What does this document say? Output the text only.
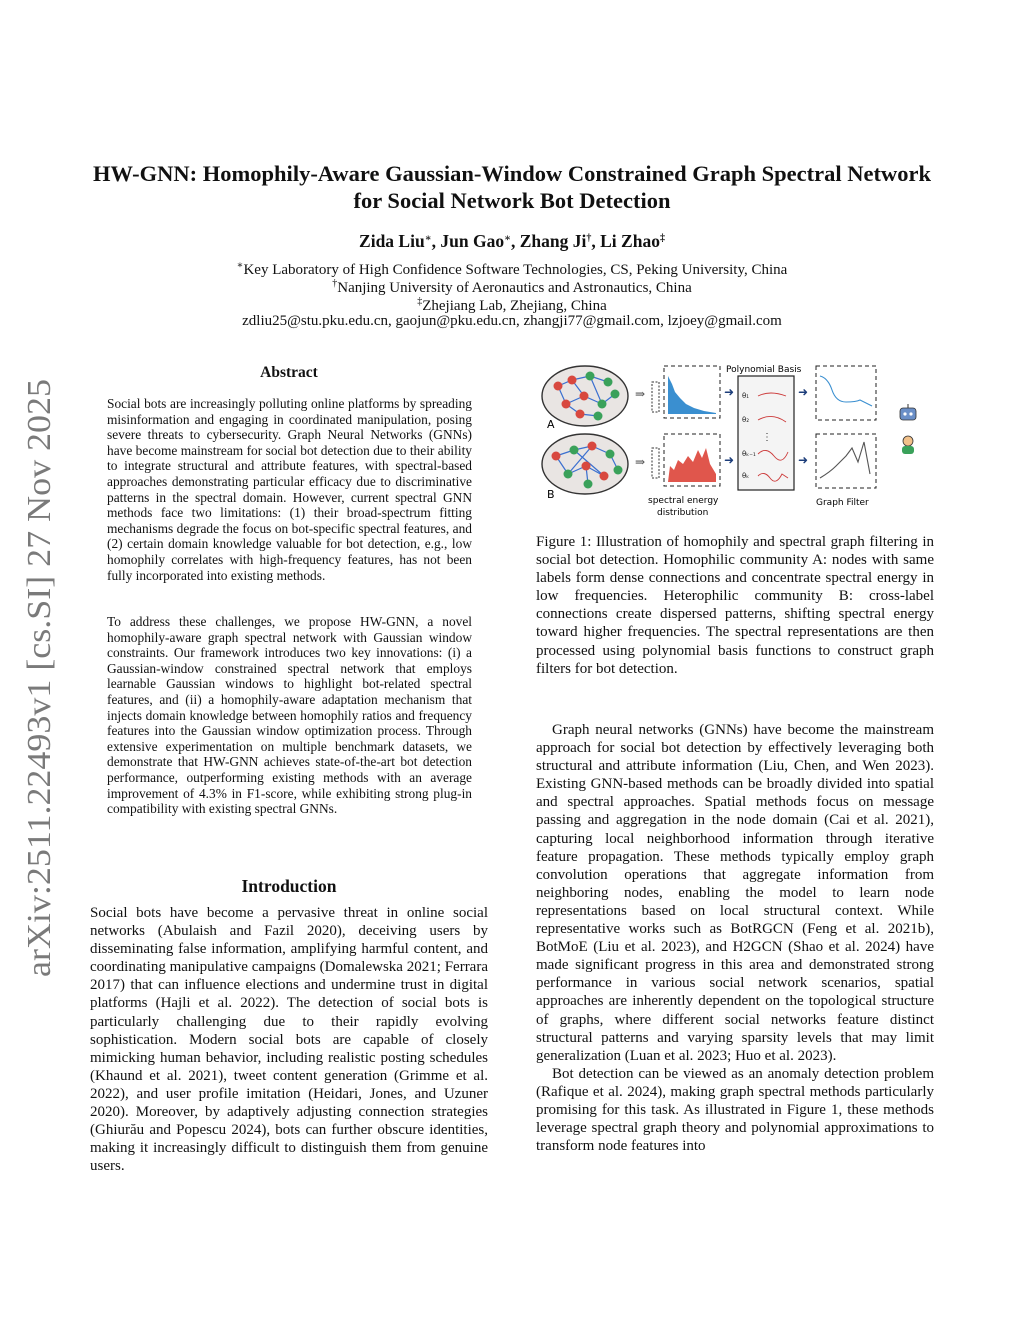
arXiv:2511.22493v1 [cs.SI] 27 Nov 2025
HW-GNN: Homophily-Aware Gaussian-Window Constrained Graph Spectral Network for Social Network Bot Detection
Zida Liu∗, Jun Gao∗, Zhang Ji†, Li Zhao‡
∗Key Laboratory of High Confidence Software Technologies, CS, Peking University, China
†Nanjing University of Aeronautics and Astronautics, China
‡Zhejiang Lab, Zhejiang, China
zdliu25@stu.pku.edu.cn, gaojun@pku.edu.cn, zhangji77@gmail.com, lzjoey@gmail.com
Abstract

Social bots are increasingly polluting online platforms by spreading misinformation and engaging in coordinated manipulation, posing severe threats to cybersecurity. Graph Neural Networks (GNNs) have become mainstream for social bot detection due to their ability to integrate structural and attribute features, with spectral-based approaches demonstrating particular efficacy due to discriminative patterns in the spectral domain. However, current spectral GNN methods face two limitations: (1) their broad-spectrum fitting mechanisms degrade the focus on bot-specific spectral features, and (2) certain domain knowledge valuable for bot detection, e.g., low homophily correlates with high-frequency features, has not been fully incorporated into existing methods.

To address these challenges, we propose HW-GNN, a novel homophily-aware graph spectral network with Gaussian window constraints. Our framework introduces two key innovations: (i) a Gaussian-window constrained spectral network that employs learnable Gaussian windows to highlight bot-related spectral features, and (ii) a homophily-aware adaptation mechanism that injects domain knowledge between homophily ratios and frequency features into the Gaussian window optimization process. Through extensive experimentation on multiple benchmark datasets, we demonstrate that HW-GNN achieves state-of-the-art bot detection performance, outperforming existing methods with an average improvement of 4.3% in F1-score, while exhibiting strong plug-in compatibility with existing spectral GNNs.

Introduction

Social bots have become a pervasive threat in online social networks (Abulaish and Fazil 2020), deceiving users by disseminating false information, amplifying harmful content, and coordinating manipulative campaigns (Domalewska 2021; Ferrara 2017) that can influence elections and undermine trust in digital platforms (Hajli et al. 2022). The detection of social bots is particularly challenging due to their rapidly evolving sophistication. Modern social bots are capable of closely mimicking human behavior, including realistic posting schedules (Khaund et al. 2021), tweet content generation (Grimme et al. 2022), and user profile imitation (Heidari, Jones, and Uzuner 2020). Moreover, by adaptively adjusting connection strategies (Ghiurău and Popescu 2024), bots can further obscure identities, making it increasingly difficult to distinguish them from genuine users.

A
B
⇒
⇒
➜
➜
Polynomial Basis
θ₁
θ₂
θₖ₋₁
θₖ
⋮
➜
➜
Graph Filter
spectral energy
distribution

Figure 1: Illustration of homophily and spectral graph filtering in social bot detection. Homophilic community A: nodes with same labels form dense connections and concentrate spectral energy in low frequencies. Heterophilic community B: cross-label connections create dispersed patterns, shifting spectral energy toward higher frequencies. The spectral representations are then processed using polynomial basis functions to construct graph filters for bot detection.

Graph neural networks (GNNs) have become the mainstream approach for social bot detection by effectively leveraging both structural and attribute information (Liu, Chen, and Wen 2023). Existing GNN-based methods can be broadly divided into spatial and spectral approaches. Spatial methods focus on message passing and aggregation in the node domain (Cai et al. 2021), capturing local neighborhood information through iterative feature propagation. These methods typically employ graph convolution operations that aggregate information from neighboring nodes, enabling the model to learn node representations based on local structural context. While representative works such as BotRGCN (Feng et al. 2021b), BotMoE (Liu et al. 2023), and H2GCN (Shao et al. 2024) have made significant progress in this area and demonstrated strong performance in various social network scenarios, spatial approaches are inherently dependent on the topological structure of graphs, where different social networks feature distinct structural patterns and varying sparsity levels that may limit generalization (Luan et al. 2023; Huo et al. 2023).

Bot detection can be viewed as an anomaly detection problem (Rafique et al. 2024), making graph spectral methods particularly promising for this task. As illustrated in Figure 1, these methods leverage spectral graph theory and polynomial approximations to transform node features into
